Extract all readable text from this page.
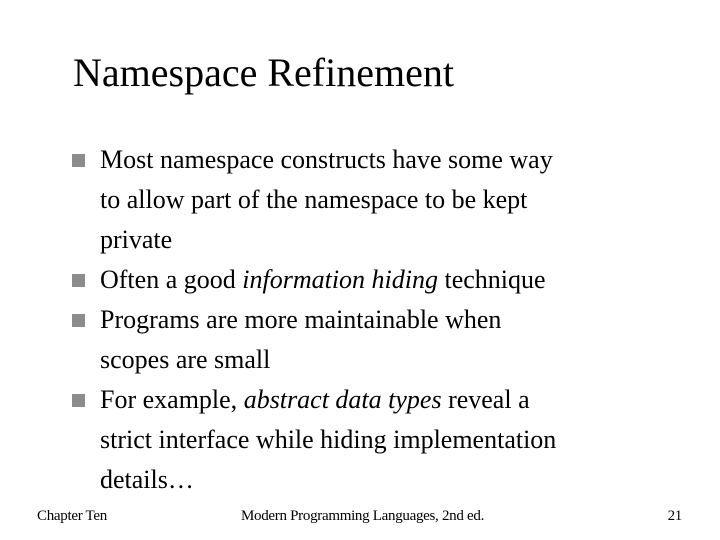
Namespace Refinement
Most namespace constructs have some way
to allow part of the namespace to be kept
private
Often a good information hiding technique
Programs are more maintainable when
scopes are small
For example, abstract data types reveal a
strict interface while hiding implementation
details…
Chapter Ten	Modern Programming Languages, 2nd ed.	21
